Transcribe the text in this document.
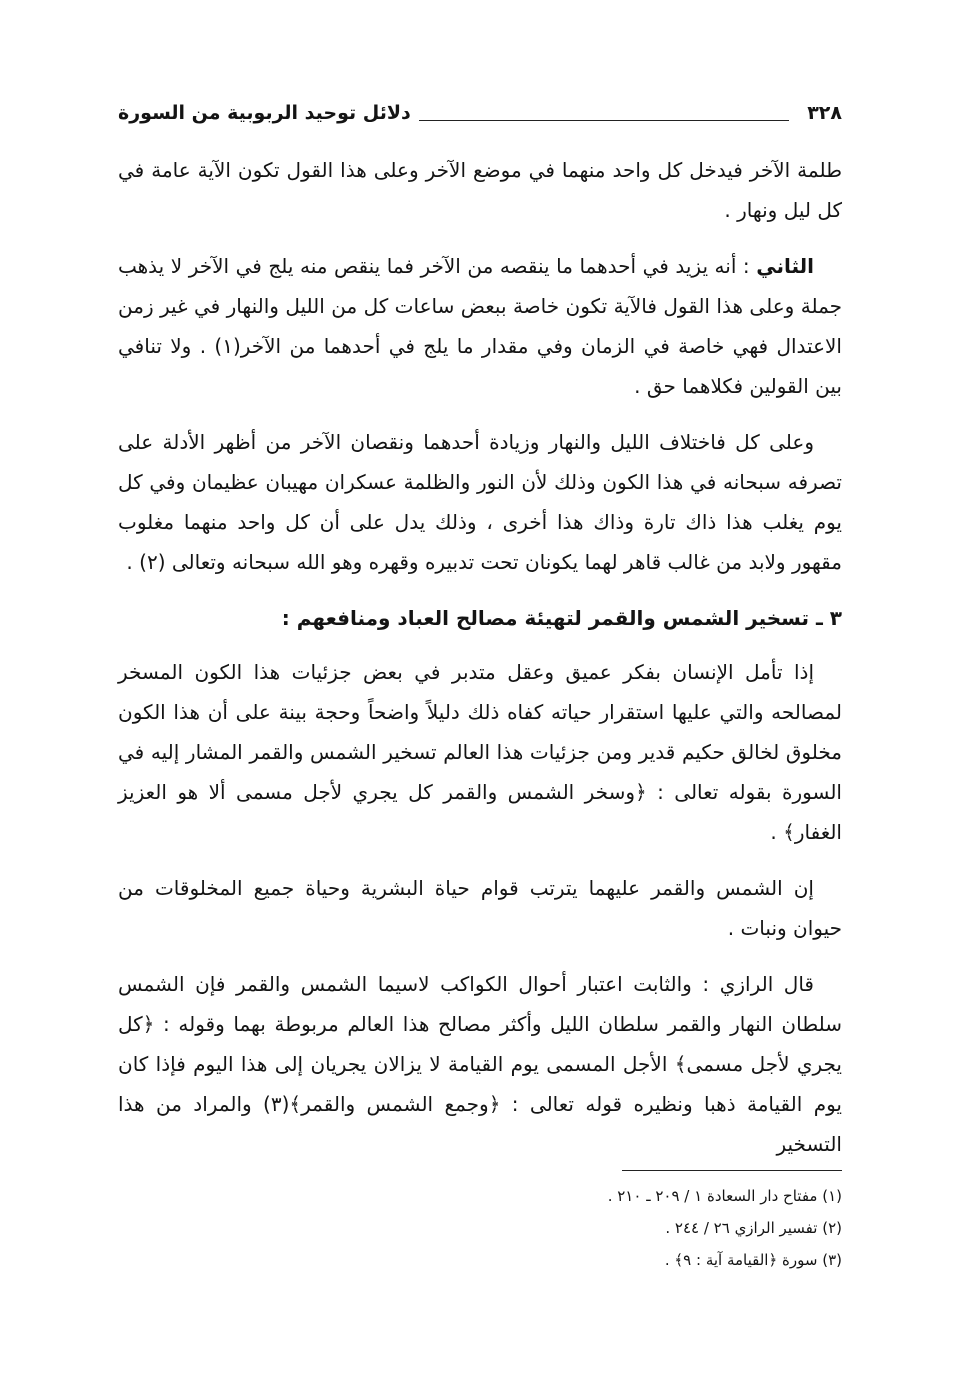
٣٢٨
دلائل توحيد الربوبية من السورة

طلمة الآخر فيدخل كل واحد منهما في موضع الآخر وعلى هذا القول تكون الآية عامة في كل ليل ونهار .

الثاني : أنه يزيد في أحدهما ما ينقصه من الآخر فما ينقص منه يلج في الآخر لا يذهب جملة وعلى هذا القول فالآية تكون خاصة ببعض ساعات كل من الليل والنهار في غير زمن الاعتدال فهي خاصة في الزمان وفي مقدار ما يلج في أحدهما من الآخر(١) . ولا تنافي بين القولين فكلاهما حق .

وعلى كل فاختلاف الليل والنهار وزيادة أحدهما ونقصان الآخر من أظهر الأدلة على تصرفه سبحانه في هذا الكون وذلك لأن النور والظلمة عسكران مهيبان عظيمان وفي كل يوم يغلب هذا ذاك تارة وذاك هذا أخرى ، وذلك يدل على أن كل واحد منهما مغلوب مقهور ولابد من غالب قاهر لهما يكونان تحت تدبيره وقهره وهو الله سبحانه وتعالى (٢) .

٣ ـ تسخير الشمس والقمر لتهيئة مصالح العباد ومنافعهم :

إذا تأمل الإنسان بفكر عميق وعقل متدبر في بعض جزئيات هذا الكون المسخر لمصالحه والتي عليها استقرار حياته كفاه ذلك دليلاً واضحاً وحجة بينة على أن هذا الكون مخلوق لخالق حكيم قدير ومن جزئيات هذا العالم تسخير الشمس والقمر المشار إليه في السورة بقوله تعالى : ﴿وسخر الشمس والقمر كل يجري لأجل مسمى ألا هو العزيز الغفار﴾ .

إن الشمس والقمر عليهما يترتب قوام حياة البشرية وحياة جميع المخلوقات من حيوان ونبات .

قال الرازي : والثابت اعتبار أحوال الكواكب لاسيما الشمس والقمر فإن الشمس سلطان النهار والقمر سلطان الليل وأكثر مصالح هذا العالم مربوطة بهما وقوله : ﴿كل يجري لأجل مسمى﴾ الأجل المسمى يوم القيامة لا يزالان يجريان إلى هذا اليوم فإذا كان يوم القيامة ذهبا ونظيره قوله تعالى : ﴿وجمع الشمس والقمر﴾(٣) والمراد من هذا التسخير

(١) مفتاح دار السعادة ١ / ٢٠٩ ـ ٢١٠ .
(٢) تفسير الرازي ٢٦ / ٢٤٤ .
(٣) سورة ﴿القيامة آية : ٩﴾ .
